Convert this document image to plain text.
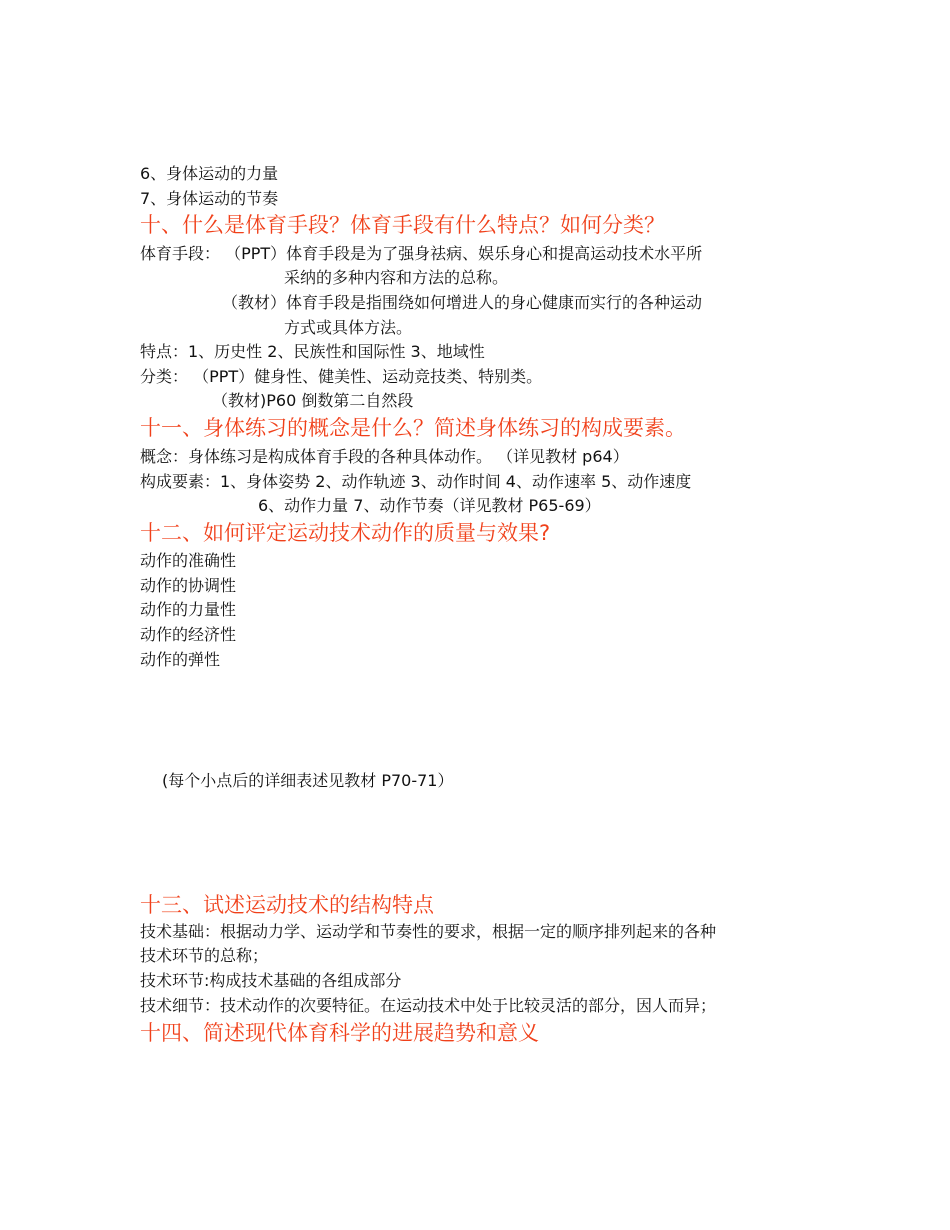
6、身体运动的力量
7、身体运动的节奏
十、什么是体育手段？体育手段有什么特点？如何分类？
体育手段： （PPT）体育手段是为了强身祛病、娱乐身心和提高运动技术水平所
采纳的多种内容和方法的总称。
（教材）体育手段是指围绕如何增进人的身心健康而实行的各种运动
方式或具体方法。
特点：1、历史性 2、民族性和国际性 3、地域性
分类： （PPT）健身性、健美性、运动竞技类、特别类。
（教材)P60 倒数第二自然段
十一、身体练习的概念是什么？简述身体练习的构成要素。
概念：身体练习是构成体育手段的各种具体动作。 （详见教材 p64）
构成要素：1、身体姿势 2、动作轨迹 3、动作时间 4、动作速率 5、动作速度
6、动作力量 7、动作节奏（详见教材 P65-69）
十二、如何评定运动技术动作的质量与效果?
动作的准确性
动作的协调性
动作的力量性
动作的经济性
动作的弹性
(每个小点后的详细表述见教材 P70-71）
十三、试述运动技术的结构特点
技术基础：根据动力学、运动学和节奏性的要求，根据一定的顺序排列起来的各种
技术环节的总称；
技术环节:构成技术基础的各组成部分
技术细节：技术动作的次要特征。在运动技术中处于比较灵活的部分，因人而异；
十四、简述现代体育科学的进展趋势和意义
